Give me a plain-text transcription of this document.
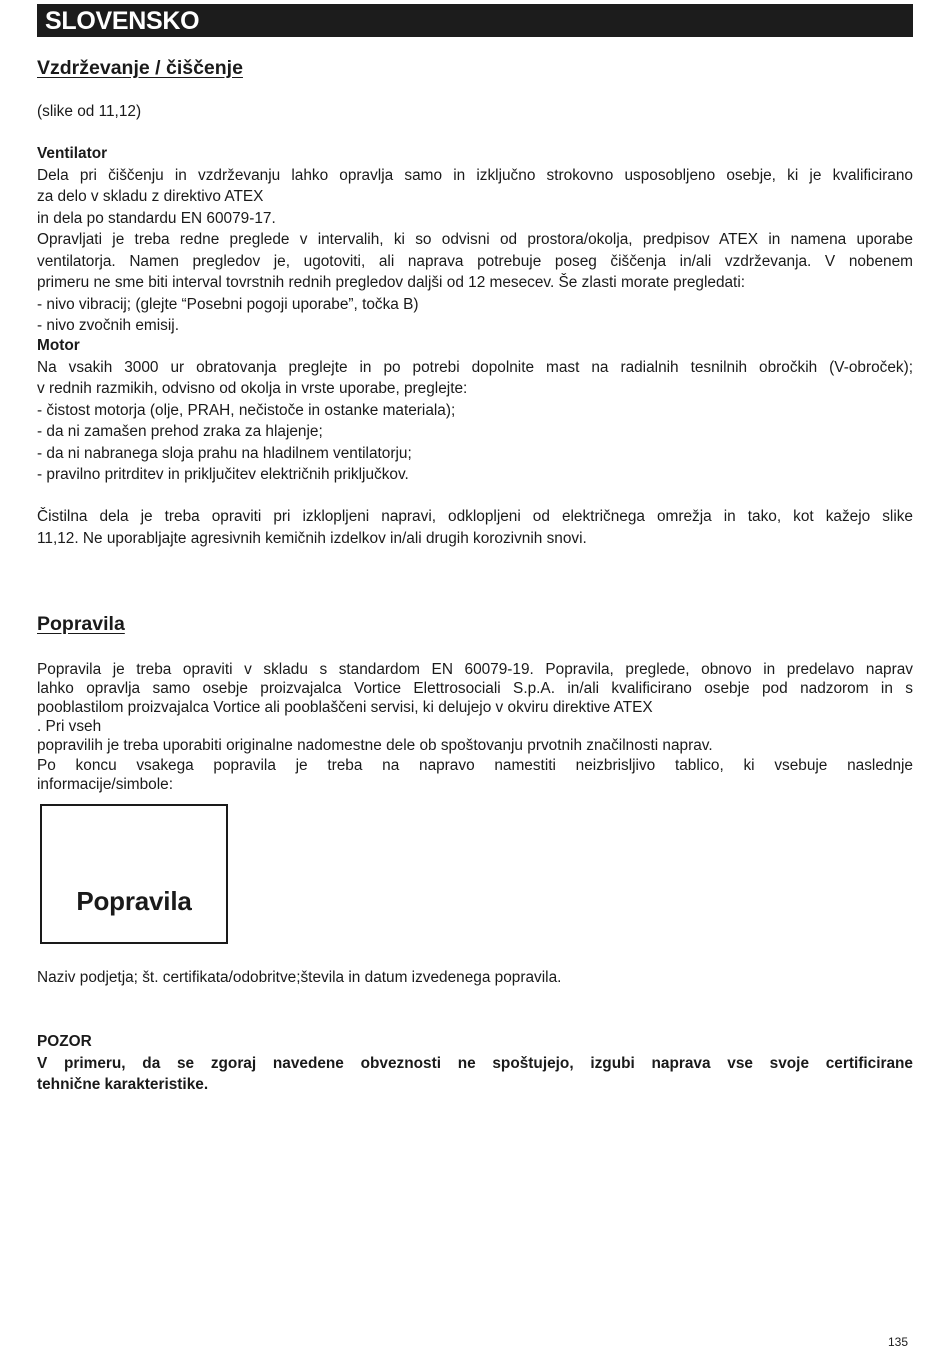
SLOVENSKO
Vzdrževanje / čiščenje
(slike od 11,12)
Ventilator
Dela pri čiščenju in vzdrževanju lahko opravlja samo in izključno strokovno usposobljeno osebje, ki je kvalificirano
za delo v skladu z direktivo ATEX
in dela po standardu EN 60079-17.
Opravljati je treba redne preglede v intervalih, ki so odvisni od prostora/okolja, predpisov ATEX in namena uporabe
ventilatorja. Namen pregledov je, ugotoviti, ali naprava potrebuje poseg čiščenja in/ali vzdrževanja. V nobenem
primeru ne sme biti interval tovrstnih rednih pregledov daljši od 12 mesecev. Še zlasti morate pregledati:
- nivo vibracij; (glejte “Posebni pogoji uporabe”, točka B)
- nivo zvočnih emisij.
Motor
Na vsakih 3000 ur obratovanja preglejte in po potrebi dopolnite mast na radialnih tesnilnih obročkih (V-obroček);
v rednih razmikih, odvisno od okolja in vrste uporabe, preglejte:
- čistost motorja (olje, PRAH, nečistoče in ostanke materiala);
- da ni zamašen prehod zraka za hlajenje;
- da ni nabranega sloja prahu na hladilnem ventilatorju;
- pravilno pritrditev in priključitev električnih priključkov.
Čistilna dela je treba opraviti pri izklopljeni napravi, odklopljeni od električnega omrežja in tako, kot kažejo slike
11,12. Ne uporabljajte agresivnih kemičnih izdelkov in/ali drugih korozivnih snovi.
Popravila
Popravila je treba opraviti v skladu s standardom EN 60079-19. Popravila, preglede, obnovo in predelavo naprav
lahko opravlja samo osebje proizvajalca Vortice Elettrosociali S.p.A. in/ali kvalificirano osebje pod nadzorom in s
pooblastilom proizvajalca Vortice ali pooblaščeni servisi, ki delujejo v okviru direktive ATEX
. Pri vseh
popravilih je treba uporabiti originalne nadomestne dele ob spoštovanju prvotnih značilnosti naprav.
Po koncu vsakega popravila je treba na napravo namestiti neizbrisljivo tablico, ki vsebuje naslednje
informacije/simbole:
Popravila
Naziv podjetja; št. certifikata/odobritve;števila in datum izvedenega popravila.
POZOR
V primeru, da se zgoraj navedene obveznosti ne spoštujejo, izgubi naprava vse svoje certificirane
tehnične karakteristike.
135
